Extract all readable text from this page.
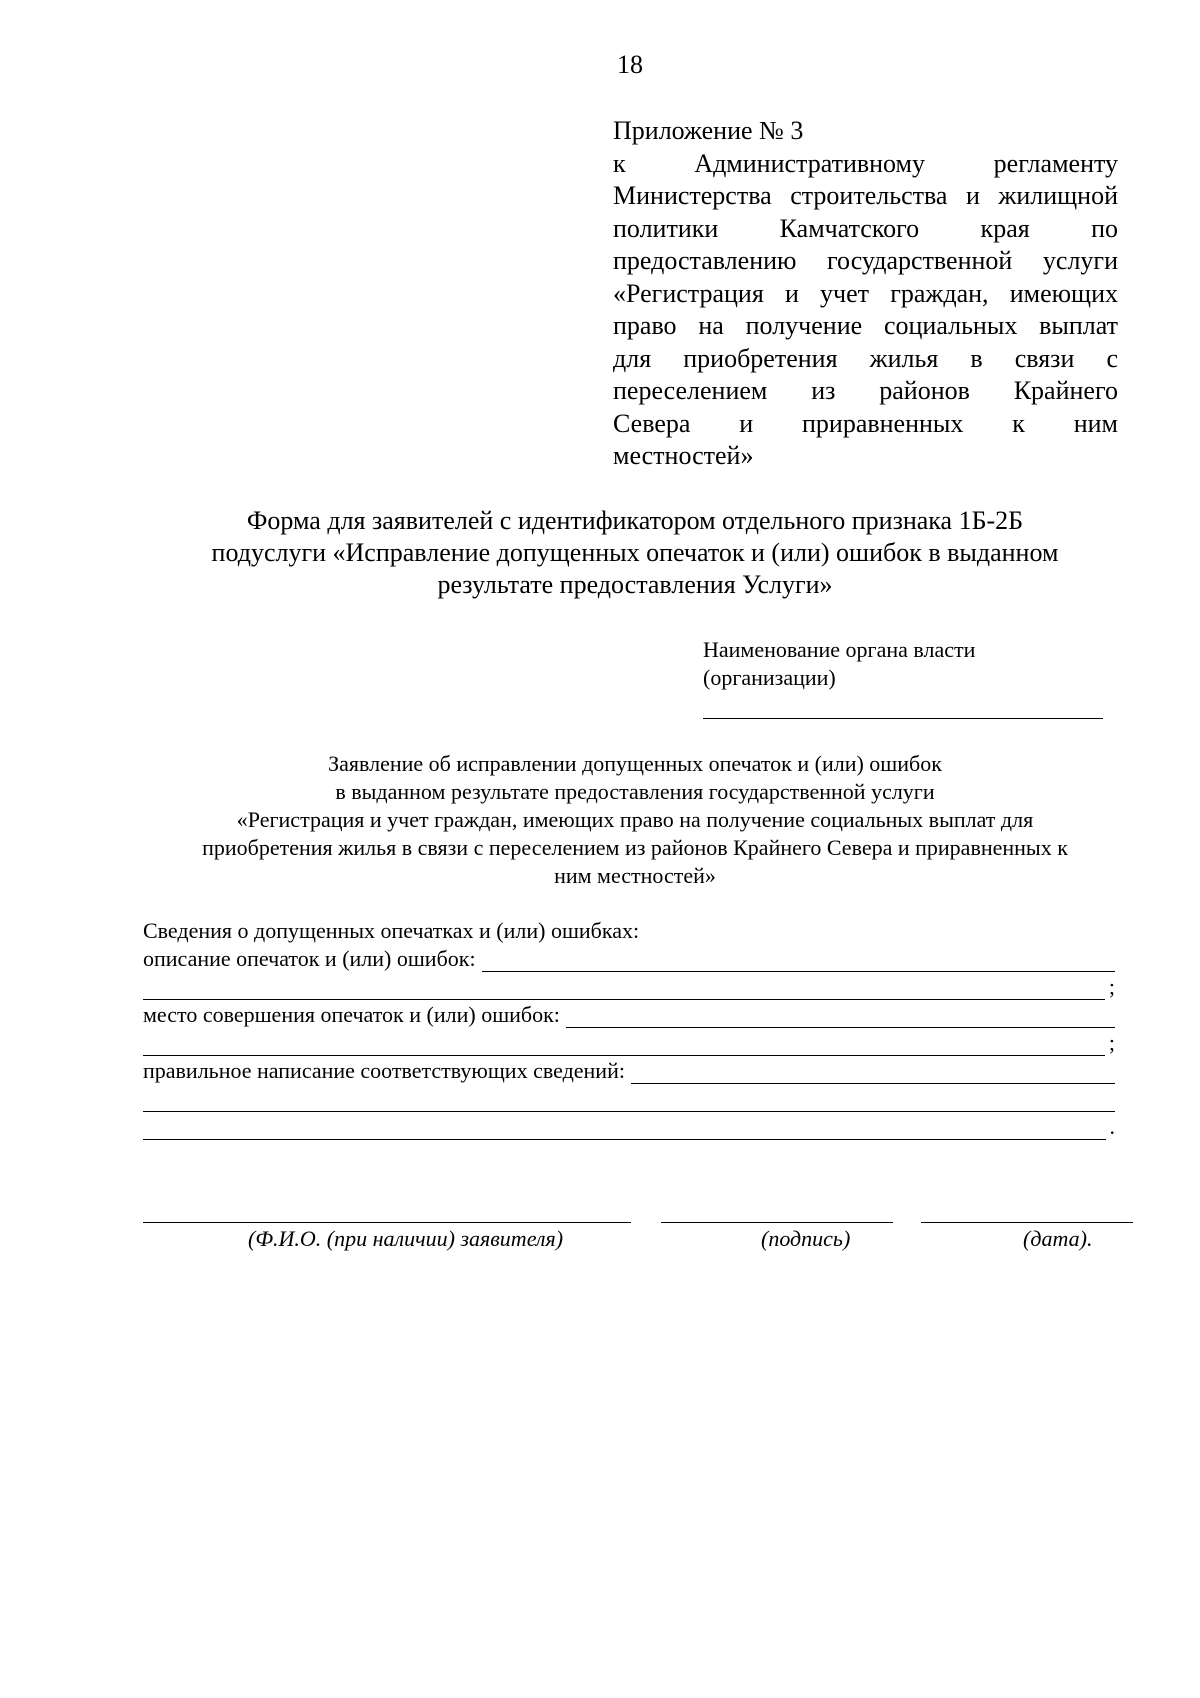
18
Приложение № 3
к Административному регламенту
Министерства строительства и жилищной
политики Камчатского края по
предоставлению государственной услуги
«Регистрация и учет граждан, имеющих
право на получение социальных выплат
для приобретения жилья в связи с
переселением из районов Крайнего
Севера и приравненных к ним
местностей»
Форма для заявителей с идентификатором отдельного признака 1Б-2Б
подуслуги «Исправление допущенных опечаток и (или) ошибок в выданном
результате предоставления Услуги»
Наименование органа власти
(организации)
Заявление об исправлении допущенных опечаток и (или) ошибок
в выданном результате предоставления государственной услуги
«Регистрация и учет граждан, имеющих право на получение социальных выплат для
приобретения жилья в связи с переселением из районов Крайнего Севера и приравненных к
ним местностей»
Сведения о допущенных опечатках и (или) ошибках:
описание опечаток и (или) ошибок:
;
место совершения опечаток и (или) ошибок:
;
правильное написание соответствующих сведений:
.
(Ф.И.О. (при наличии) заявителя)	(подпись)	(дата).
